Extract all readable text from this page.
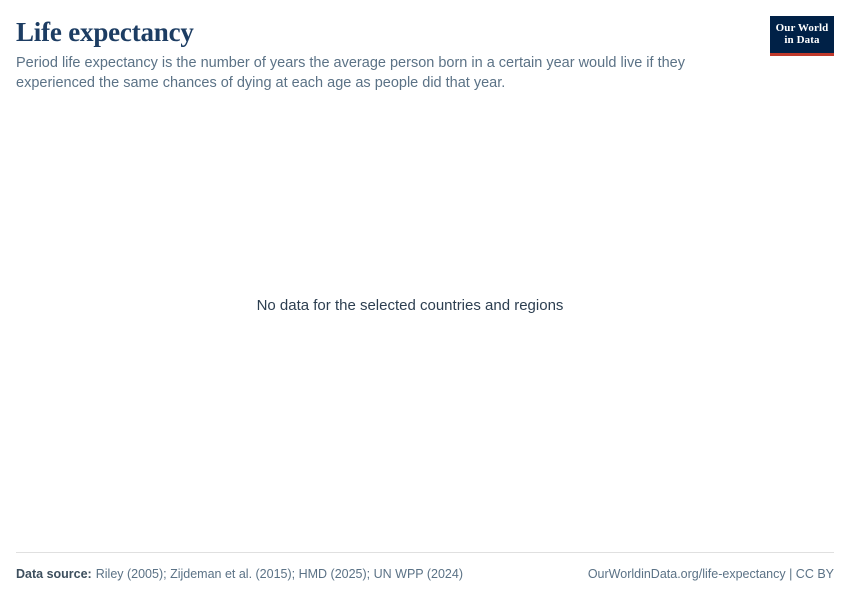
Life expectancy

Period life expectancy is the number of years the average person born in a certain year would live if they experienced the same chances of dying at each age as people did that year.

Our World
in Data
No data for the selected countries and regions
Data source: Riley (2005); Zijdeman et al. (2015); HMD (2025); UN WPP (2024)	OurWorldinData.org/life-expectancy | CC BY
